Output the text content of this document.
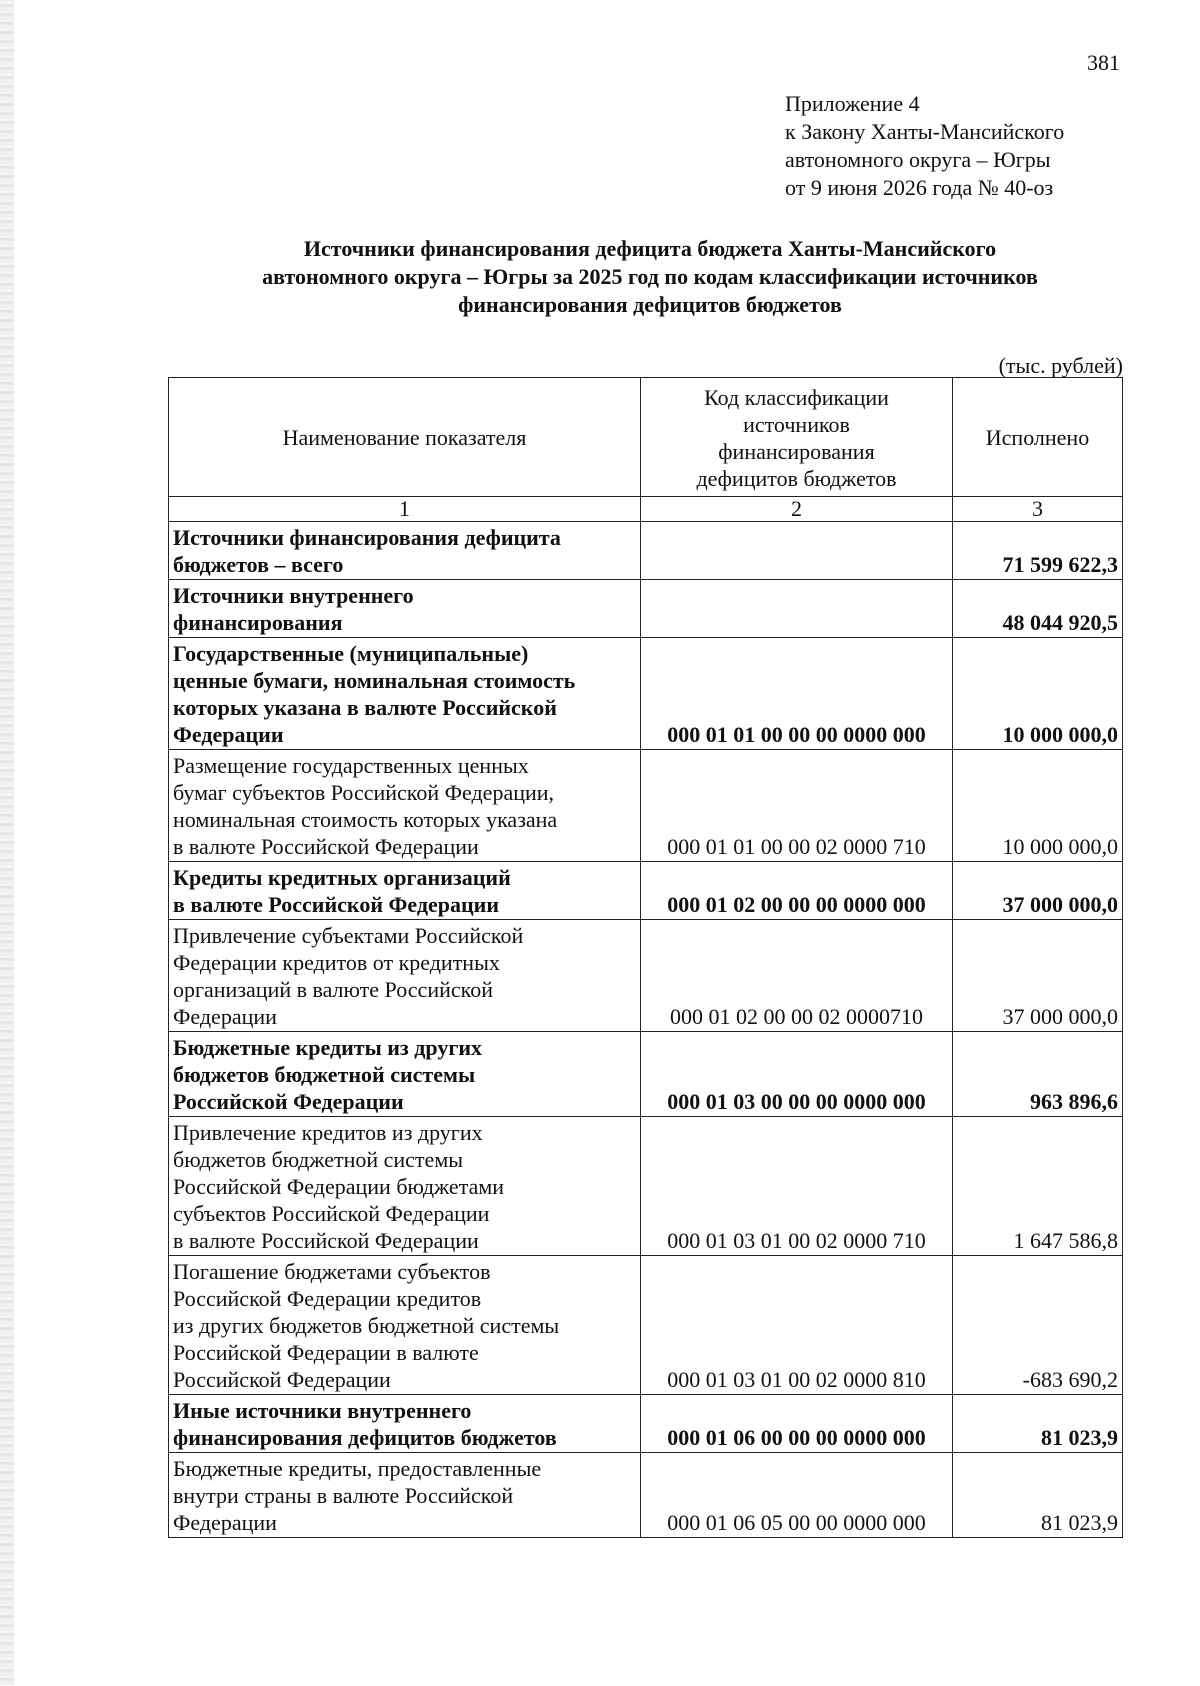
381
Приложение 4
к Закону Ханты-Мансийского
автономного округа – Югры
от 9 июня 2026 года № 40-оз
Источники финансирования дефицита бюджета Ханты-Мансийского
автономного округа – Югры за 2025 год по кодам классификации источников
финансирования дефицитов бюджетов
(тыс. рублей)
Наименование показателя	Код классификации
источников
финансирования
дефицитов бюджетов	Исполнено
1	2	3

Источники финансирования дефицита
бюджетов – всего		71 599 622,3

Источники внутреннего
финансирования		48 044 920,5

Государственные (муниципальные)
ценные бумаги, номинальная стоимость
которых указана в валюте Российской
Федерации	000 01 01 00 00 00 0000 000	10 000 000,0

Размещение государственных ценных
бумаг субъектов Российской Федерации,
номинальная стоимость которых указана
в валюте Российской Федерации	000 01 01 00 00 02 0000 710	10 000 000,0

Кредиты кредитных организаций
в валюте Российской Федерации	000 01 02 00 00 00 0000 000	37 000 000,0

Привлечение субъектами Российской
Федерации кредитов от кредитных
организаций в валюте Российской
Федерации	000 01 02 00 00 02 0000710	37 000 000,0

Бюджетные кредиты из других
бюджетов бюджетной системы
Российской Федерации	000 01 03 00 00 00 0000 000	963 896,6

Привлечение кредитов из других
бюджетов бюджетной системы
Российской Федерации бюджетами
субъектов Российской Федерации
в валюте Российской Федерации	000 01 03 01 00 02 0000 710	1 647 586,8

Погашение бюджетами субъектов
Российской Федерации кредитов
из других бюджетов бюджетной системы
Российской Федерации в валюте
Российской Федерации	000 01 03 01 00 02 0000 810	-683 690,2

Иные источники внутреннего
финансирования дефицитов бюджетов	000 01 06 00 00 00 0000 000	81 023,9

Бюджетные кредиты, предоставленные
внутри страны в валюте Российской
Федерации	000 01 06 05 00 00 0000 000	81 023,9
